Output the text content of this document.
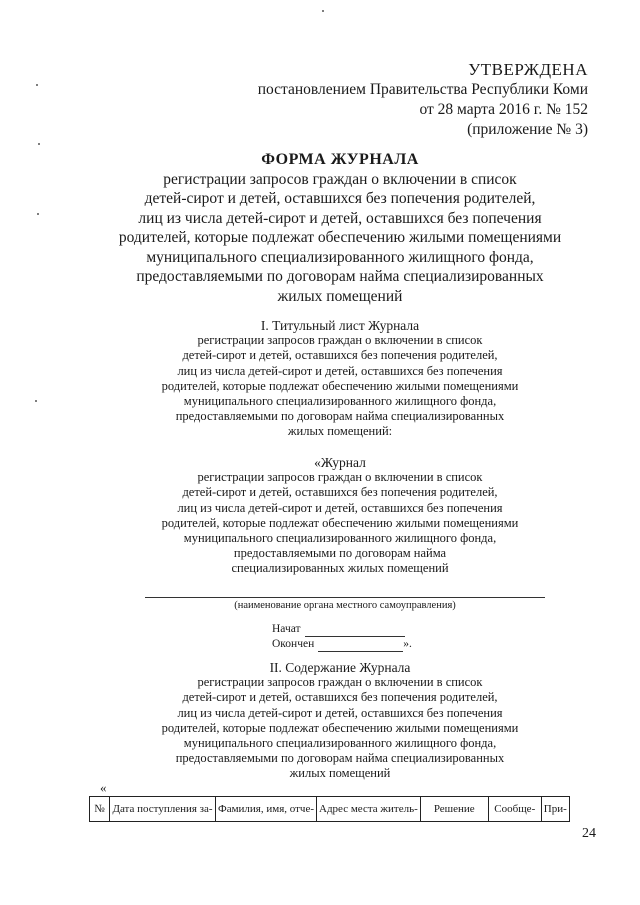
УТВЕРЖДЕНА
постановлением Правительства Республики Коми
от 28 марта 2016 г. № 152
(приложение № 3)
ФОРМА ЖУРНАЛА
регистрации запросов граждан о включении в список
детей-сирот и детей, оставшихся без попечения родителей,
лиц из числа детей-сирот и детей, оставшихся без попечения
родителей, которые подлежат обеспечению жилыми помещениями
муниципального специализированного жилищного фонда,
предоставляемыми по договорам найма специализированных
жилых помещений
I. Титульный лист Журнала
регистрации запросов граждан о включении в список
детей-сирот и детей, оставшихся без попечения родителей,
лиц из числа детей-сирот и детей, оставшихся без попечения
родителей, которые подлежат обеспечению жилыми помещениями
муниципального специализированного жилищного фонда,
предоставляемыми по договорам найма специализированных
жилых помещений:
«Журнал
регистрации запросов граждан о включении в список
детей-сирот и детей, оставшихся без попечения родителей,
лиц из числа детей-сирот и детей, оставшихся без попечения
родителей, которые подлежат обеспечению жилыми помещениями
муниципального специализированного жилищного фонда,
предоставляемыми по договорам найма
специализированных жилых помещений
(наименование органа местного самоуправления)
Начат
Окончен	».
II. Содержание Журнала
регистрации запросов граждан о включении в список
детей-сирот и детей, оставшихся без попечения родителей,
лиц из числа детей-сирот и детей, оставшихся без попечения
родителей, которые подлежат обеспечению жилыми помещениями
муниципального специализированного жилищного фонда,
предоставляемыми по договорам найма специализированных
жилых помещений
«
№	Дата поступления за-	Фамилия, имя, отче-	Адрес места житель-	Решение	Сообще-	При-
24
